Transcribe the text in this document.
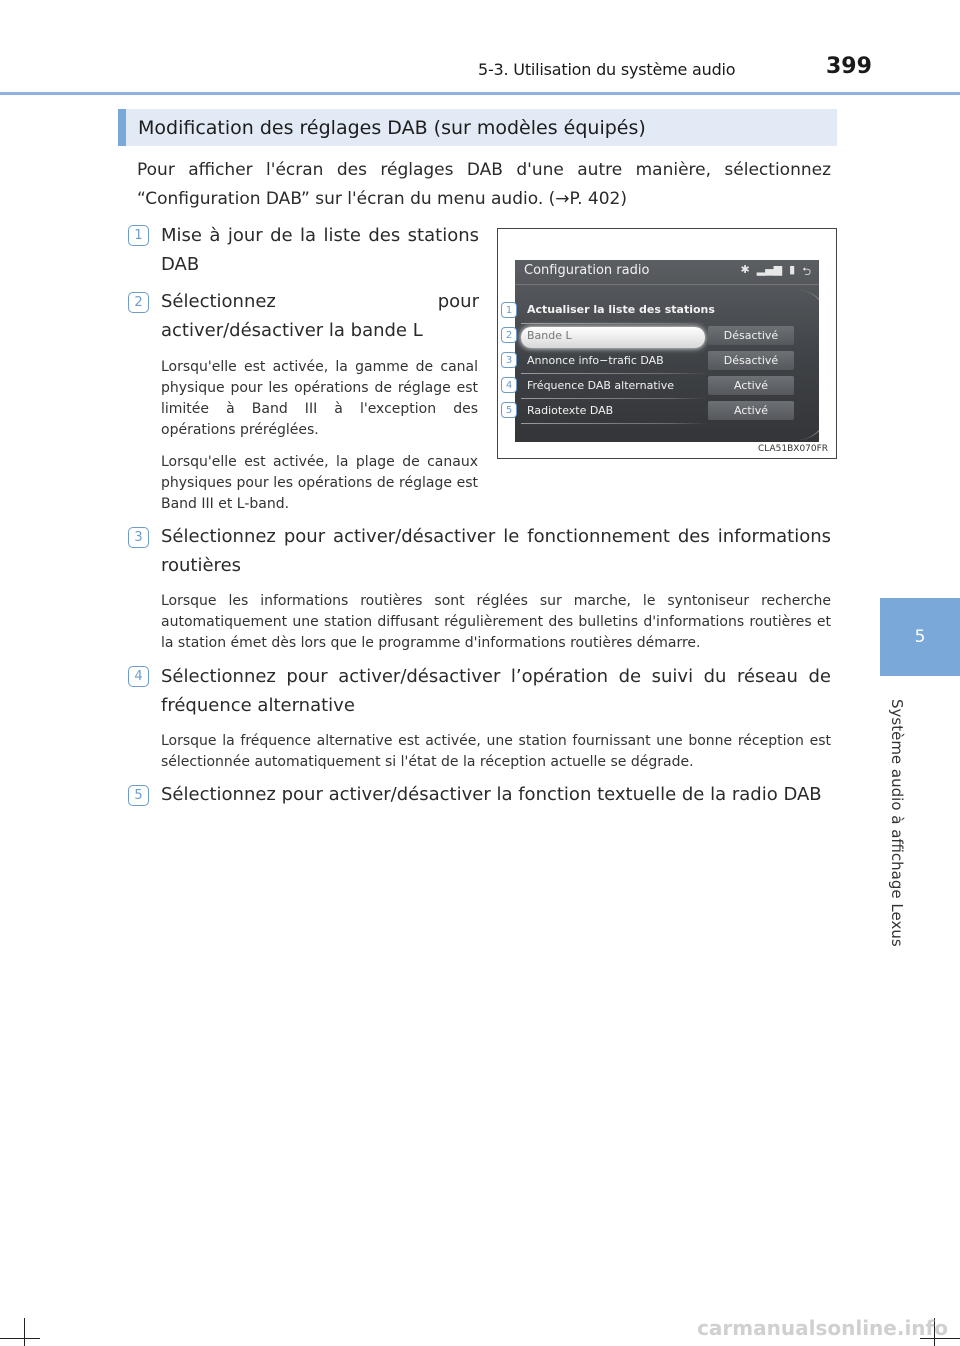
5-3. Utilisation du système audio	399
5
Système audio à affichage Lexus
Modification des réglages DAB (sur modèles équipés)
Pour afficher l'écran des réglages DAB d'une autre manière, sélectionnez “Configuration DAB” sur l'écran du menu audio. (→P. 402)
1	Mise à jour de la liste des stations DAB
2	Sélectionnez pour activer/désactiver la bande L
Lorsqu'elle est activée, la gamme de canal physique pour les opérations de réglage est limitée à Band III à l'exception des opérations préréglées.
Lorsqu'elle est activée, la plage de canaux physiques pour les opérations de réglage est Band III et L-band.
Configuration radio	✱ ▂▄▆ ▮ ⮌
Actualiser la liste des stations
Bande L	Désactivé
Annonce info−trafic DAB	Désactivé
Fréquence DAB alternative	Activé
Radiotexte DAB	Activé
1
2
3
4
5
CLA51BX070FR
3	Sélectionnez pour activer/désactiver le fonctionnement des informations routières
Lorsque les informations routières sont réglées sur marche, le syntoniseur recherche automatiquement une station diffusant régulièrement des bulletins d'informations routières et la station émet dès lors que le programme d'informations routières démarre.
4	Sélectionnez pour activer/désactiver l’opération de suivi du réseau de fréquence alternative
Lorsque la fréquence alternative est activée, une station fournissant une bonne réception est sélectionnée automatiquement si l'état de la réception actuelle se dégrade.
5	Sélectionnez pour activer/désactiver la fonction textuelle de la radio DAB
carmanualsonline.info
